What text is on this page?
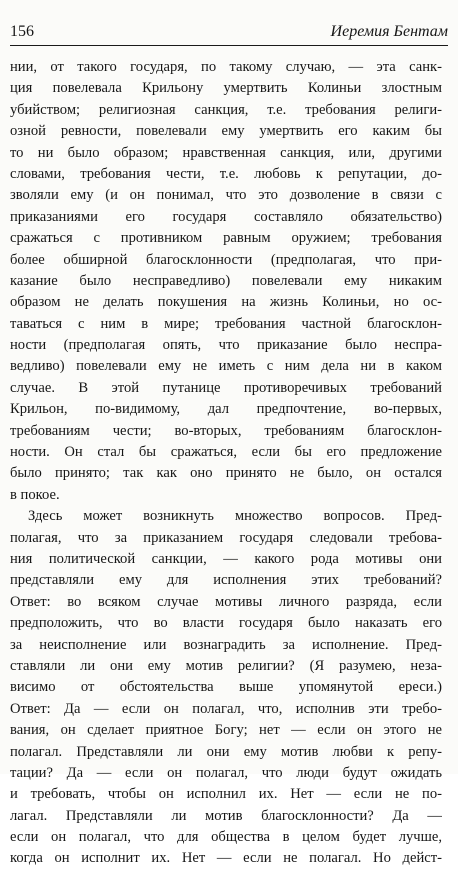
156	Иеремия Бентам
нии, от такого государя, по такому случаю, — эта санк-
ция повелевала Крильону умертвить Колиньи злостным
убийством; религиозная санкция, т.е. требования религи-
озной ревности, повелевали ему умертвить его каким бы
то ни было образом; нравственная санкция, или, другими
словами, требования чести, т.е. любовь к репутации, до-
зволяли ему (и он понимал, что это дозволение в связи с
приказаниями его государя составляло обязательство)
сражаться с противником равным оружием; требования
более обширной благосклонности (предполагая, что при-
казание было несправедливо) повелевали ему никаким
образом не делать покушения на жизнь Колиньи, но ос-
таваться с ним в мире; требования частной благосклон-
ности (предполагая опять, что приказание было неспра-
ведливо) повелевали ему не иметь с ним дела ни в каком
случае. В этой путанице противоречивых требований
Крильон, по-видимому, дал предпочтение, во-первых,
требованиям чести; во-вторых, требованиям благосклон-
ности. Он стал бы сражаться, если бы его предложение
было принято; так как оно принято не было, он остался
в покое.
Здесь может возникнуть множество вопросов. Пред-
полагая, что за приказанием государя следовали требова-
ния политической санкции, — какого рода мотивы они
представляли ему для исполнения этих требований?
Ответ: во всяком случае мотивы личного разряда, если
предположить, что во власти государя было наказать его
за неисполнение или вознаградить за исполнение. Пред-
ставляли ли они ему мотив религии? (Я разумею, неза-
висимо от обстоятельства выше упомянутой ереси.)
Ответ: Да — если он полагал, что, исполнив эти требо-
вания, он сделает приятное Богу; нет — если он этого не
полагал. Представляли ли они ему мотив любви к репу-
тации? Да — если он полагал, что люди будут ожидать
и требовать, чтобы он исполнил их. Нет — если не по-
лагал. Представляли ли мотив благосклонности? Да —
если он полагал, что для общества в целом будет лучше,
когда он исполнит их. Нет — если не полагал. Но дейст-
